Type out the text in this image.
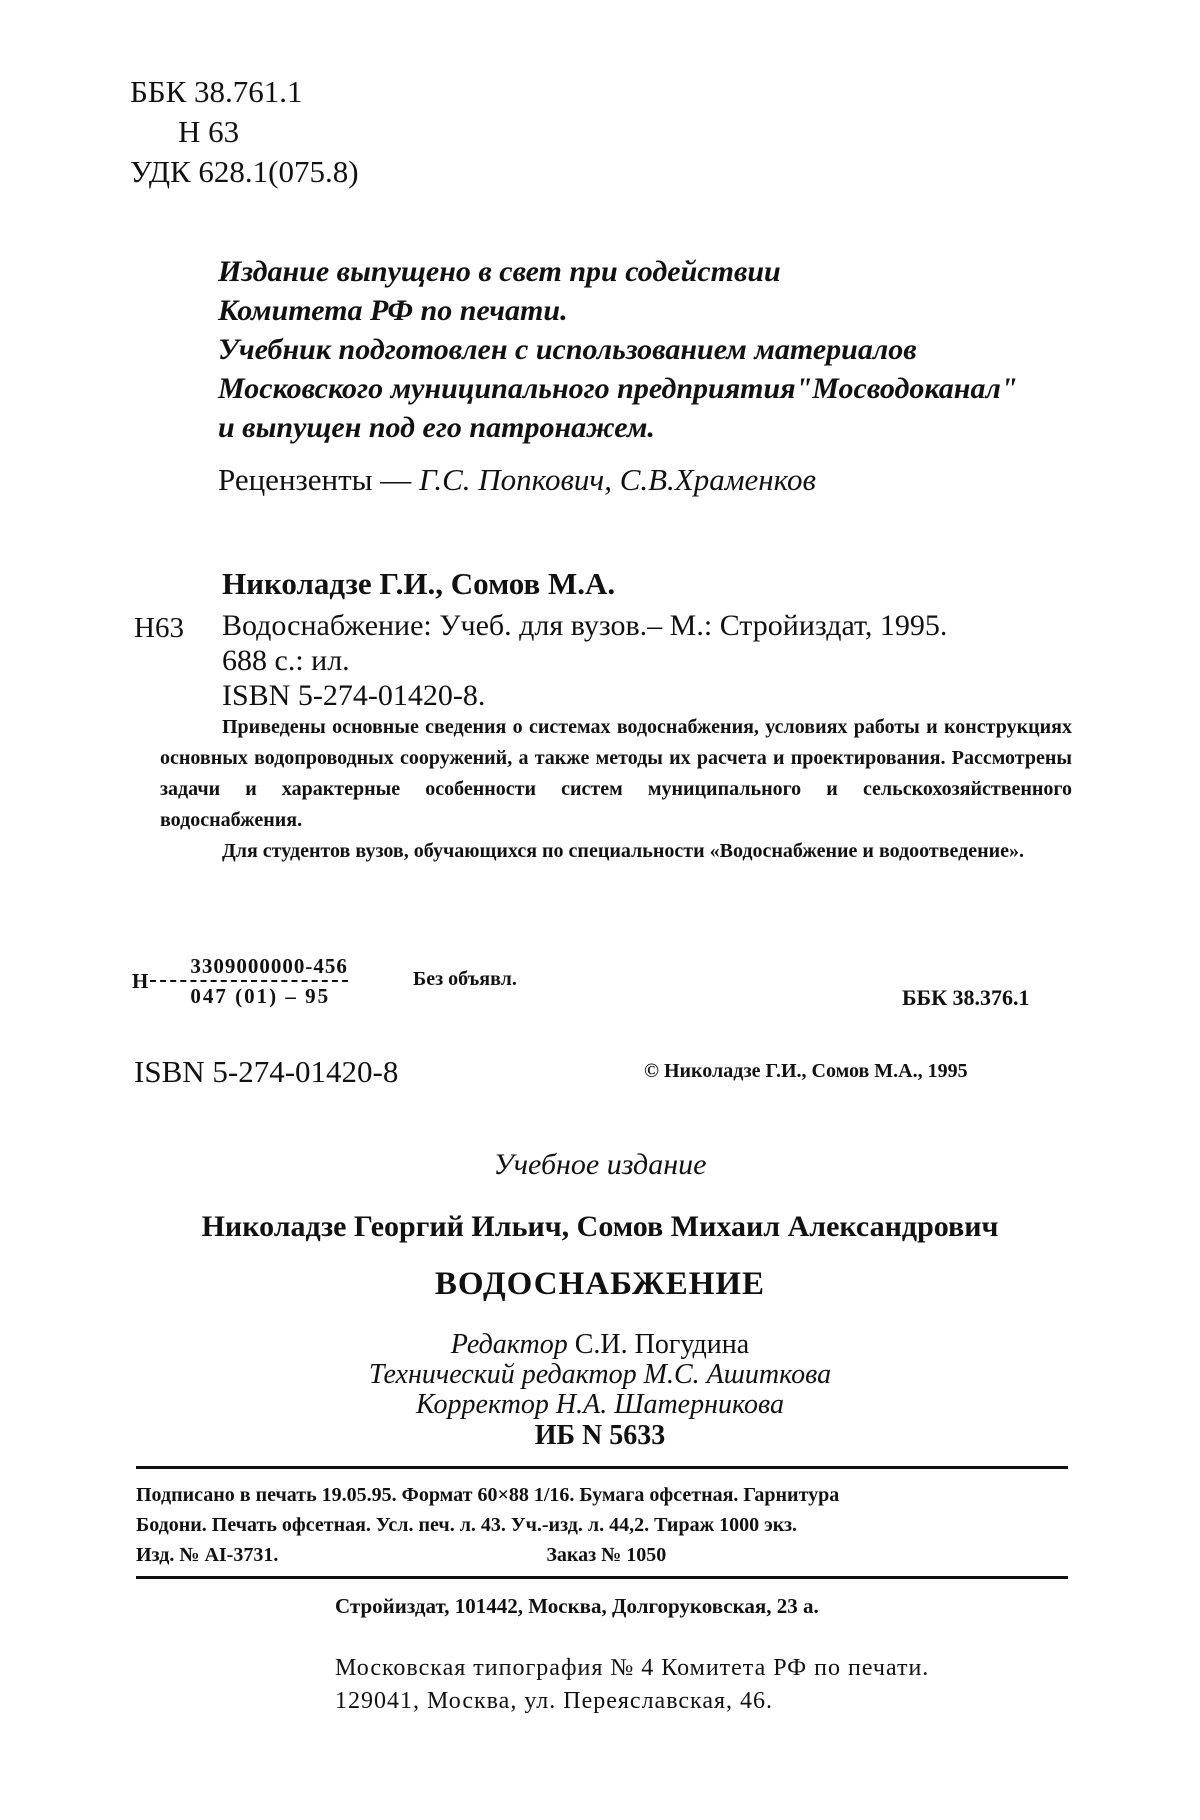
ББК 38.761.1
Н 63
УДК 628.1(075.8)
Издание выпущено в свет при содействии
Комитета РФ по печати.
Учебник подготовлен с использованием материалов
Московского муниципального предприятия"Мосводоканал"
и выпущен под его патронажем.
Рецензенты — Г.С. Попкович, С.В.Храменков
Николадзе Г.И., Сомов М.А.
Н63 Водоснабжение: Учеб. для вузов.– М.: Стройиздат, 1995.
688 с.: ил.
ISBN 5-274-01420-8.

Приведены основные сведения о системах водоснабжения, условиях работы и конструкциях основных водопроводных сооружений, а также методы их расчета и проектирования. Рассмотрены задачи и характерные особенности систем муниципального и сельскохозяйственного водоснабжения.

Для студентов вузов, обучающихся по специальности «Водоснабжение и водоотведение».

Н $\frac{3309000000-456}{047 (01) - 95}$	Без объявл.
ББК 38.376.1
ISBN 5-274-01420-8	© Николадзе Г.И., Сомов М.А., 1995
Учебное издание
Николадзе Георгий Ильич, Сомов Михаил Александрович
ВОДОСНАБЖЕНИЕ
Редактор С.И. Погудина
Технический редактор М.С. Ашиткова
Корректор Н.А. Шатерникова
ИБ N 5633

Подписано в печать 19.05.95. Формат 60×88 1/16. Бумага офсетная. Гарнитура

Бодони. Печать офсетная. Усл. печ. л. 43. Уч.-изд. л. 44,2. Тираж 1000 экз.

Изд. № АI-3731.	Заказ № 1050

Стройиздат, 101442, Москва, Долгоруковская, 23 а.
Московская типография № 4 Комитета РФ по печати.
129041, Москва, ул. Переяславская, 46.
